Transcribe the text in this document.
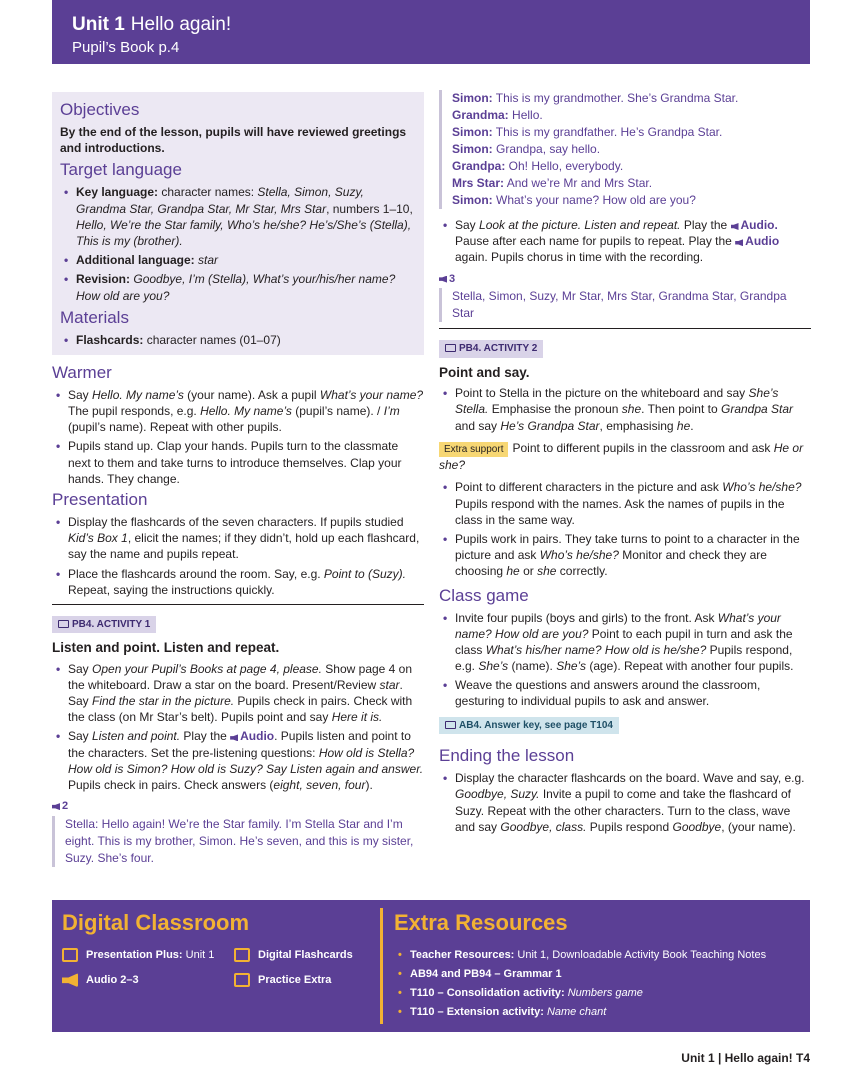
Unit 1 Hello again!
Pupil’s Book p.4
Objectives
By the end of the lesson, pupils will have reviewed greetings and introductions.
Target language
• Key language: character names: Stella, Simon, Suzy, Grandma Star, Grandpa Star, Mr Star, Mrs Star, numbers 1–10, Hello, We’re the Star family, Who’s he/she? He’s/She’s (Stella), This is my (brother).
• Additional language: star
• Revision: Goodbye, I’m (Stella), What’s your/his/her name? How old are you?
Materials
• Flashcards: character names (01–07)
Warmer
• Say Hello. My name’s (your name). Ask a pupil What’s your name? The pupil responds, e.g. Hello. My name’s (pupil’s name). / I’m (pupil’s name). Repeat with other pupils.
• Pupils stand up. Clap your hands. Pupils turn to the classmate next to them and take turns to introduce themselves. Clap your hands. They change.
Presentation
• Display the flashcards of the seven characters. If pupils studied Kid’s Box 1, elicit the names; if they didn’t, hold up each flashcard, say the name and pupils repeat.
• Place the flashcards around the room. Say, e.g. Point to (Suzy). Repeat, saying the instructions quickly.
PB4. ACTIVITY 1
Listen and point. Listen and repeat.
• Say Open your Pupil’s Books at page 4, please. Show page 4 on the whiteboard. Draw a star on the board. Present/Review star. Say Find the star in the picture. Pupils check in pairs. Check with the class (on Mr Star’s belt). Pupils point and say Here it is.
• Say Listen and point. Play the Audio. Pupils listen and point to the characters. Set the pre-listening questions: How old is Stella? How old is Simon? How old is Suzy? Say Listen again and answer. Pupils check in pairs. Check answers (eight, seven, four).
2
Stella: Hello again! We’re the Star family. I’m Stella Star and I’m eight. This is my brother, Simon. He’s seven, and this is my sister, Suzy. She’s four.
Simon: This is my grandmother. She’s Grandma Star.
Grandma: Hello.
Simon: This is my grandfather. He’s Grandpa Star.
Simon: Grandpa, say hello.
Grandpa: Oh! Hello, everybody.
Mrs Star: And we’re Mr and Mrs Star.
Simon: What’s your name? How old are you?
• Say Look at the picture. Listen and repeat. Play the Audio. Pause after each name for pupils to repeat. Play the Audio again. Pupils chorus in time with the recording.
3
Stella, Simon, Suzy, Mr Star, Mrs Star, Grandma Star, Grandpa Star
PB4. ACTIVITY 2
Point and say.
• Point to Stella in the picture on the whiteboard and say She’s Stella. Emphasise the pronoun she. Then point to Grandpa Star and say He’s Grandpa Star, emphasising he.
Extra support Point to different pupils in the classroom and ask He or she?
• Point to different characters in the picture and ask Who’s he/she? Pupils respond with the names. Ask the names of pupils in the class in the same way.
• Pupils work in pairs. They take turns to point to a character in the picture and ask Who’s he/she? Monitor and check they are choosing he or she correctly.
Class game
• Invite four pupils (boys and girls) to the front. Ask What’s your name? How old are you? Point to each pupil in turn and ask the class What’s his/her name? How old is he/she? Pupils respond, e.g. She’s (name). She’s (age). Repeat with another four pupils.
• Weave the questions and answers around the classroom, gesturing to individual pupils to ask and answer.
AB4. Answer key, see page T104
Ending the lesson
• Display the character flashcards on the board. Wave and say, e.g. Goodbye, Suzy. Invite a pupil to come and take the flashcard of Suzy. Repeat with the other characters. Turn to the class, wave and say Goodbye, class. Pupils respond Goodbye, (your name).
Digital Classroom
Presentation Plus: Unit 1	Digital Flashcards
Audio 2–3	Practice Extra
Extra Resources
• Teacher Resources: Unit 1, Downloadable Activity Book Teaching Notes
• AB94 and PB94 – Grammar 1
• T110 – Consolidation activity: Numbers game
• T110 – Extension activity: Name chant
Unit 1 | Hello again! T4
